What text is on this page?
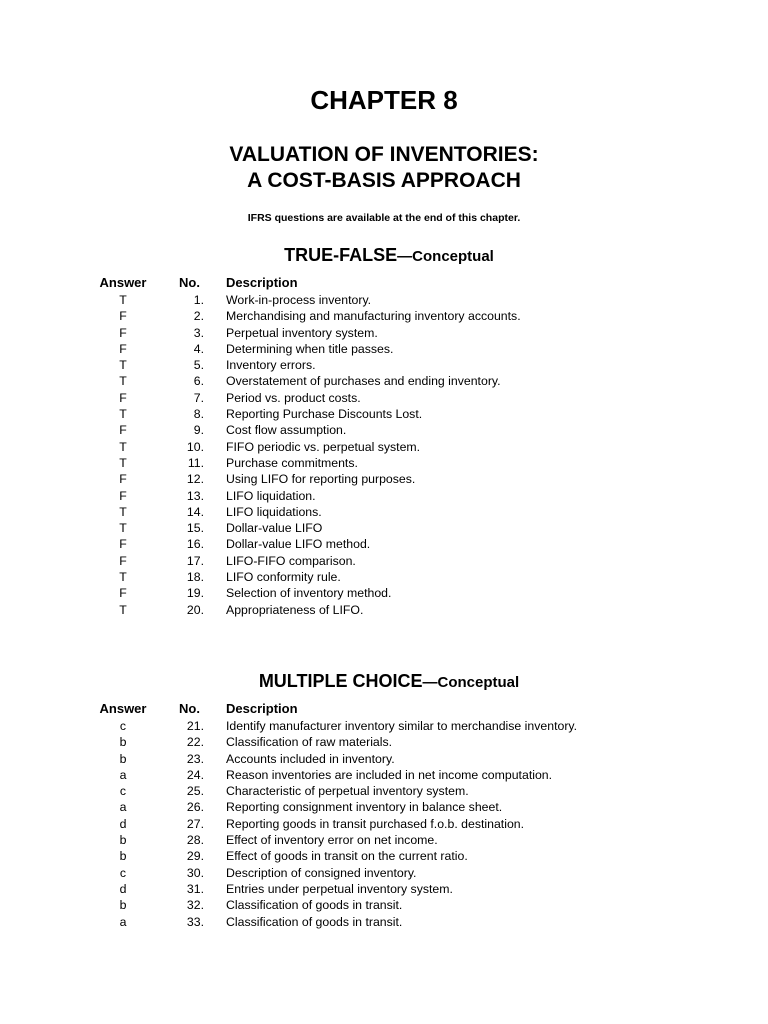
CHAPTER 8
VALUATION OF INVENTORIES:
A COST-BASIS APPROACH
IFRS questions are available at the end of this chapter.
TRUE-FALSE—Conceptual
Answer	No. Description
T	1. Work-in-process inventory.
F	2. Merchandising and manufacturing inventory accounts.
F	3. Perpetual inventory system.
F	4. Determining when title passes.
T	5. Inventory errors.
T	6. Overstatement of purchases and ending inventory.
F	7. Period vs. product costs.
T	8. Reporting Purchase Discounts Lost.
F	9. Cost flow assumption.
T	10. FIFO periodic vs. perpetual system.
T	11. Purchase commitments.
F	12. Using LIFO for reporting purposes.
F	13. LIFO liquidation.
T	14. LIFO liquidations.
T	15. Dollar-value LIFO
F	16. Dollar-value LIFO method.
F	17. LIFO-FIFO comparison.
T	18. LIFO conformity rule.
F	19. Selection of inventory method.
T	20. Appropriateness of LIFO.
MULTIPLE CHOICE—Conceptual
Answer	No. Description
c	21. Identify manufacturer inventory similar to merchandise inventory.
b	22. Classification of raw materials.
b	23. Accounts included in inventory.
a	24. Reason inventories are included in net income computation.
c	25. Characteristic of perpetual inventory system.
a	26. Reporting consignment inventory in balance sheet.
d	27. Reporting goods in transit purchased f.o.b. destination.
b	28. Effect of inventory error on net income.
b	29. Effect of goods in transit on the current ratio.
c	30. Description of consigned inventory.
d	31. Entries under perpetual inventory system.
b	32. Classification of goods in transit.
a	33. Classification of goods in transit.
